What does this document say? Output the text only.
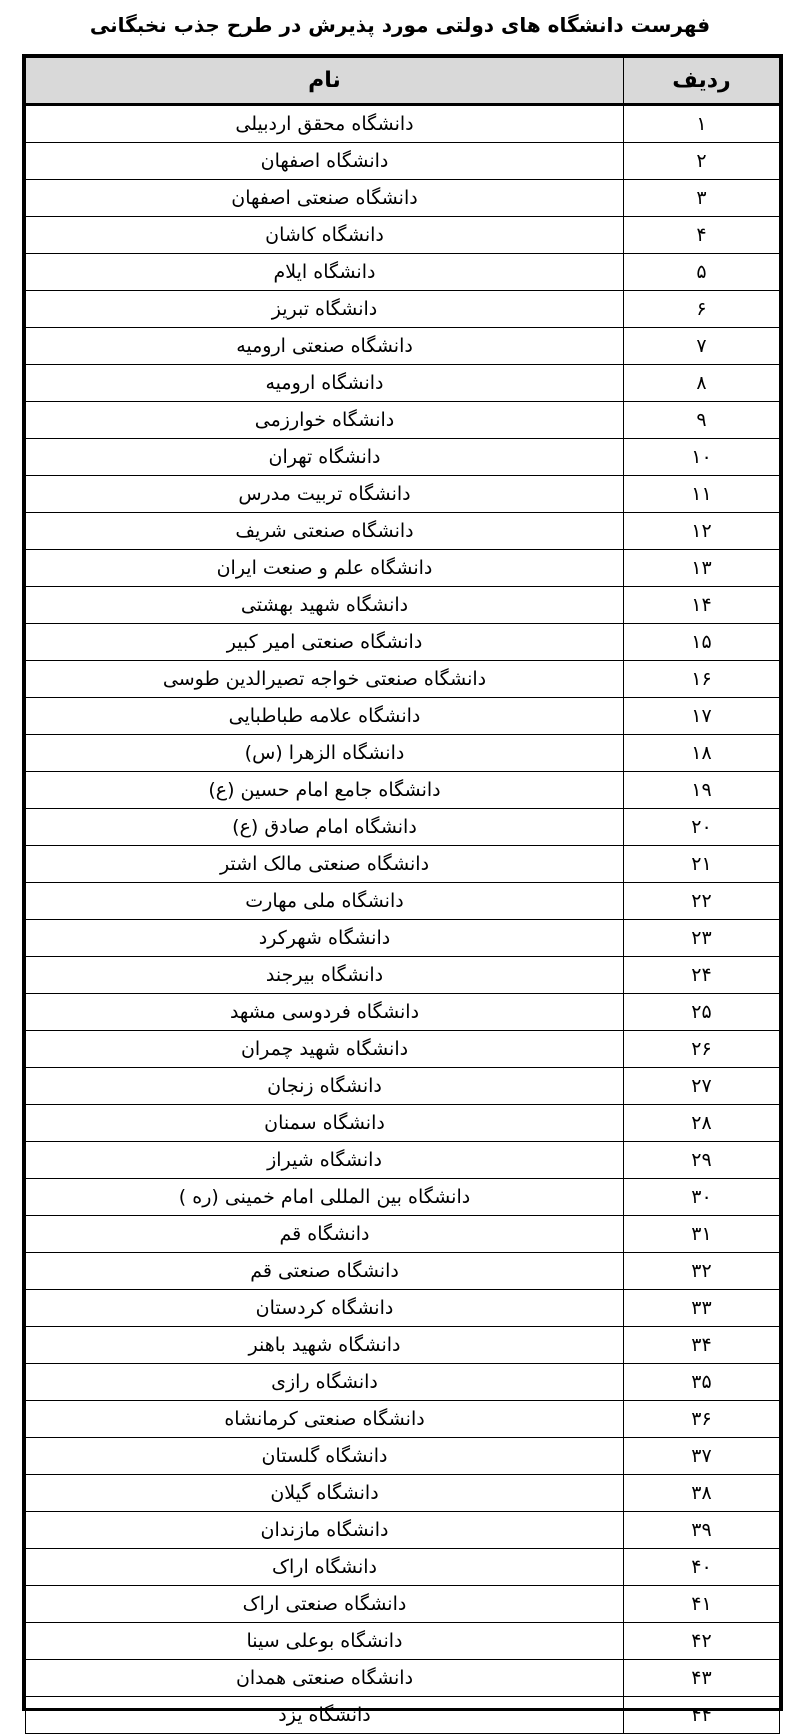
فهرست دانشگاه های دولتی مورد پذیرش در طرح جذب نخبگانی
ردیف	نام
۱	دانشگاه محقق اردبیلی
۲	دانشگاه اصفهان
۳	دانشگاه صنعتی اصفهان
۴	دانشگاه کاشان
۵	دانشگاه ایلام
۶	دانشگاه تبریز
۷	دانشگاه صنعتی ارومیه
۸	دانشگاه ارومیه
۹	دانشگاه خوارزمی
۱۰	دانشگاه تهران
۱۱	دانشگاه تربیت مدرس
۱۲	دانشگاه صنعتی شریف
۱۳	دانشگاه علم و صنعت ایران
۱۴	دانشگاه شهید بهشتی
۱۵	دانشگاه صنعتی امیر کبیر
۱۶	دانشگاه صنعتی خواجه تصیرالدین طوسی
۱۷	دانشگاه علامه طباطبایی
۱۸	دانشگاه الزهرا (س)
۱۹	دانشگاه جامع امام حسین (ع)
۲۰	دانشگاه امام صادق (ع)
۲۱	دانشگاه صنعتی مالک اشتر
۲۲	دانشگاه ملی مهارت
۲۳	دانشگاه شهرکرد
۲۴	دانشگاه بیرجند
۲۵	دانشگاه فردوسی مشهد
۲۶	دانشگاه شهید چمران
۲۷	دانشگاه زنجان
۲۸	دانشگاه سمنان
۲۹	دانشگاه شیراز
۳۰	دانشگاه بین المللی امام خمینی (ره )
۳۱	دانشگاه قم
۳۲	دانشگاه صنعتی قم
۳۳	دانشگاه کردستان
۳۴	دانشگاه شهید باهنر
۳۵	دانشگاه رازی
۳۶	دانشگاه صنعتی کرمانشاه
۳۷	دانشگاه گلستان
۳۸	دانشگاه گیلان
۳۹	دانشگاه مازندان
۴۰	دانشگاه اراک
۴۱	دانشگاه صنعتی اراک
۴۲	دانشگاه بوعلی سینا
۴۳	دانشگاه صنعتی همدان
۴۴	دانشگاه یزد
